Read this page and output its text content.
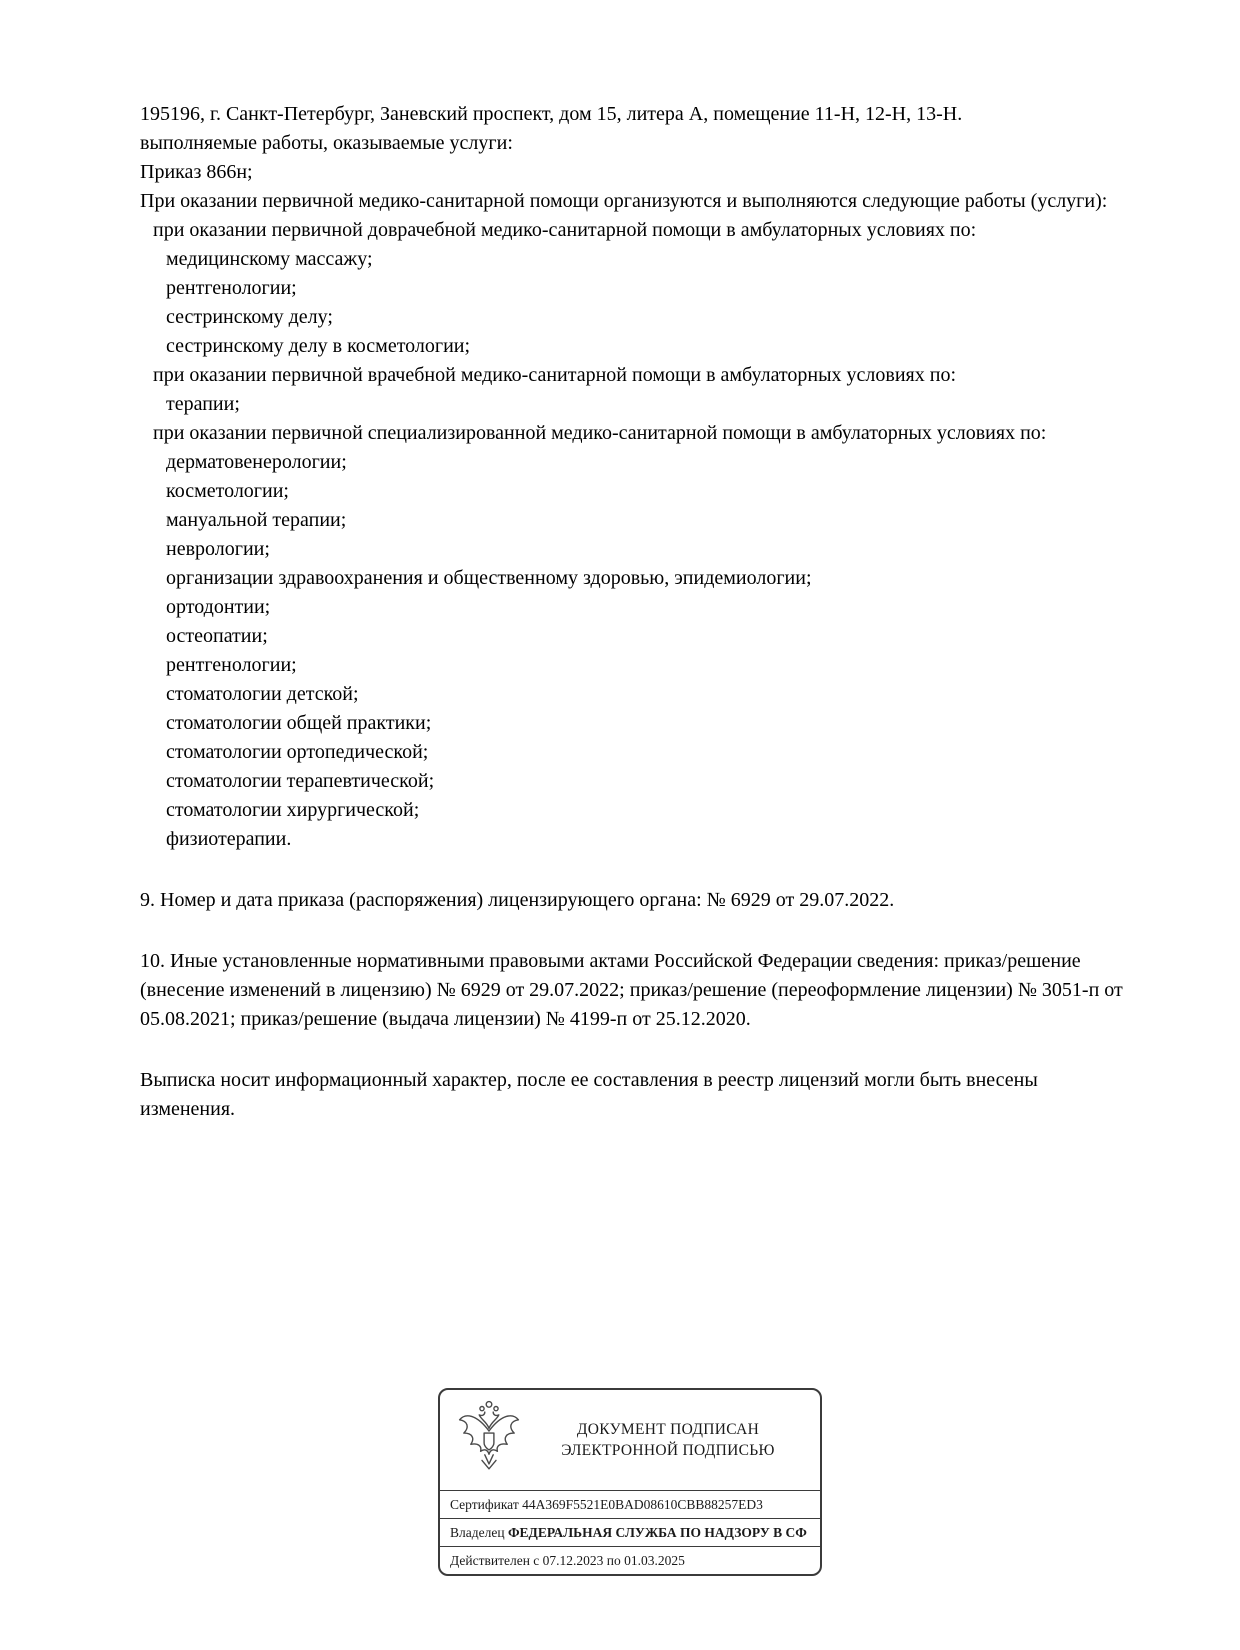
195196, г. Санкт-Петербург, Заневский проспект, дом 15, литера А, помещение 11-Н, 12-Н, 13-Н.

выполняемые работы, оказываемые услуги:

Приказ 866н;

При оказании первичной медико-санитарной помощи организуются и выполняются следующие работы (услуги):

при оказании первичной доврачебной медико-санитарной помощи в амбулаторных условиях по:

медицинскому массажу;

рентгенологии;

сестринскому делу;

сестринскому делу в косметологии;

при оказании первичной врачебной медико-санитарной помощи в амбулаторных условиях по:

терапии;

при оказании первичной специализированной медико-санитарной помощи в амбулаторных условиях по:

дерматовенерологии;

косметологии;

мануальной терапии;

неврологии;

организации здравоохранения и общественному здоровью, эпидемиологии;

ортодонтии;

остеопатии;

рентгенологии;

стоматологии детской;

стоматологии общей практики;

стоматологии ортопедической;

стоматологии терапевтической;

стоматологии хирургической;

физиотерапии.

9. Номер и дата приказа (распоряжения) лицензирующего органа: № 6929 от 29.07.2022.

10. Иные установленные нормативными правовыми актами Российской Федерации сведения: приказ/решение (внесение изменений в лицензию) № 6929 от 29.07.2022; приказ/решение (переоформление лицензии) № 3051-п от 05.08.2021; приказ/решение (выдача лицензии) № 4199-п от 25.12.2020.

Выписка носит информационный характер, после ее составления в реестр лицензий могли быть внесены изменения.

ДОКУМЕНТ ПОДПИСАН
ЭЛЕКТРОННОЙ ПОДПИСЬЮ
Сертификат 44A369F5521E0BAD08610CBB88257ED3
Владелец ФЕДЕРАЛЬНАЯ СЛУЖБА ПО НАДЗОРУ В СФ
Действителен с 07.12.2023 по 01.03.2025
